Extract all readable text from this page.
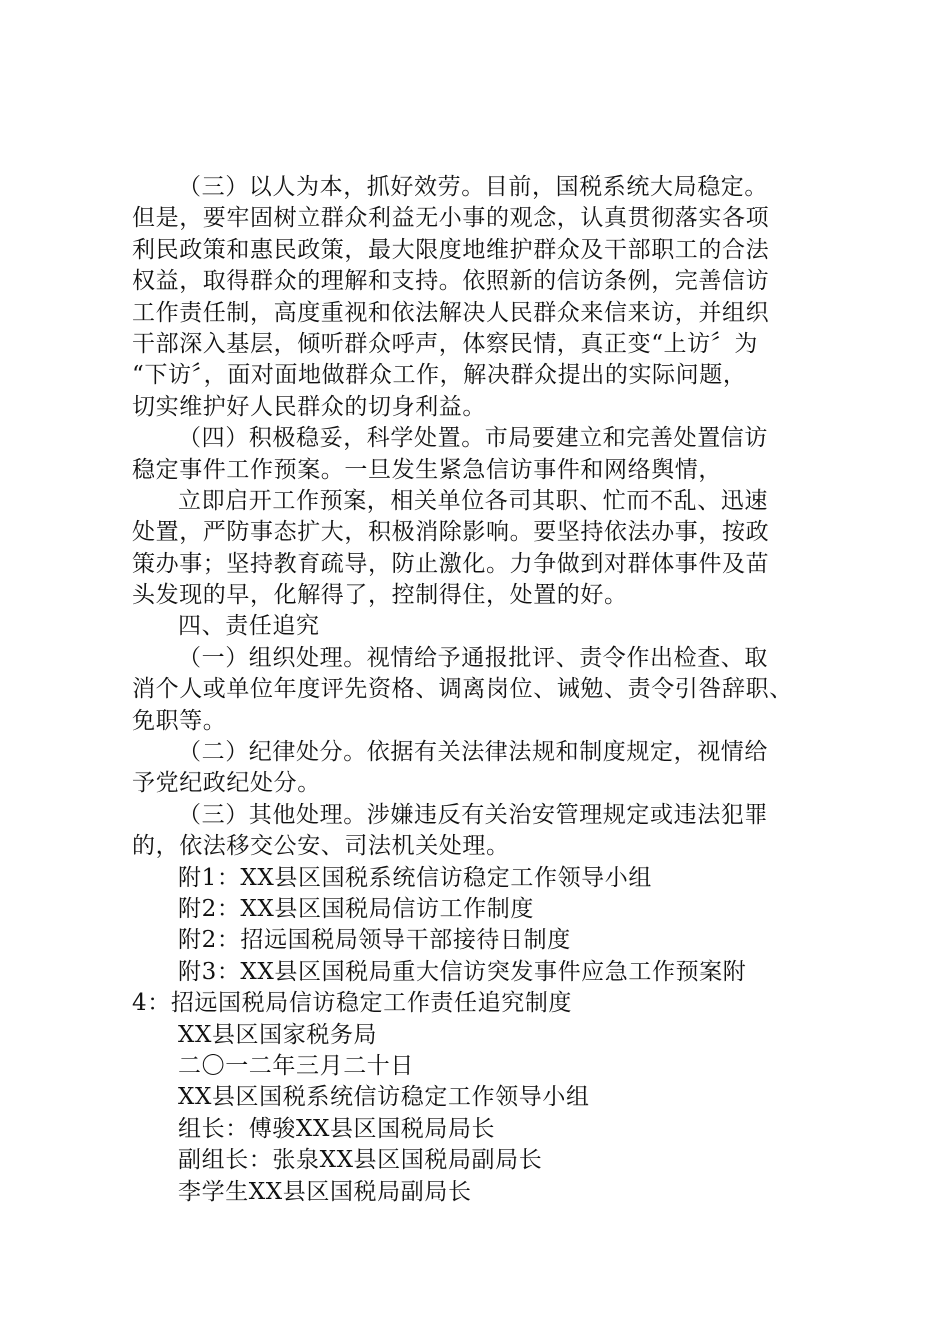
（三）以人为本，抓好效劳。目前，国税系统大局稳定。
但是，要牢固树立群众利益无小事的观念，认真贯彻落实各项
利民政策和惠民政策，最大限度地维护群众及干部职工的合法
权益，取得群众的理解和支持。依照新的信访条例，完善信访
工作责任制，高度重视和依法解决人民群众来信来访，并组织
干部深入基层，倾听群众呼声，体察民情，真正变“上访〞为
“下访〞，面对面地做群众工作，解决群众提出的实际问题，
切实维护好人民群众的切身利益。
（四）积极稳妥，科学处置。市局要建立和完善处置信访
稳定事件工作预案。一旦发生紧急信访事件和网络舆情，
立即启开工作预案，相关单位各司其职、忙而不乱、迅速
处置，严防事态扩大，积极消除影响。要坚持依法办事，按政
策办事；坚持教育疏导，防止激化。力争做到对群体事件及苗
头发现的早，化解得了，控制得住，处置的好。
四、责任追究
（一）组织处理。视情给予通报批评、责令作出检查、取
消个人或单位年度评先资格、调离岗位、诫勉、责令引咎辞职、
免职等。
（二）纪律处分。依据有关法律法规和制度规定，视情给
予党纪政纪处分。
（三）其他处理。涉嫌违反有关治安管理规定或违法犯罪
的，依法移交公安、司法机关处理。
附1：XX县区国税系统信访稳定工作领导小组
附2：XX县区国税局信访工作制度
附2：招远国税局领导干部接待日制度
附3：XX县区国税局重大信访突发事件应急工作预案附
4：招远国税局信访稳定工作责任追究制度
XX县区国家税务局
二〇一二年三月二十日
XX县区国税系统信访稳定工作领导小组
组长：傅骏XX县区国税局局长
副组长：张泉XX县区国税局副局长
李学生XX县区国税局副局长
